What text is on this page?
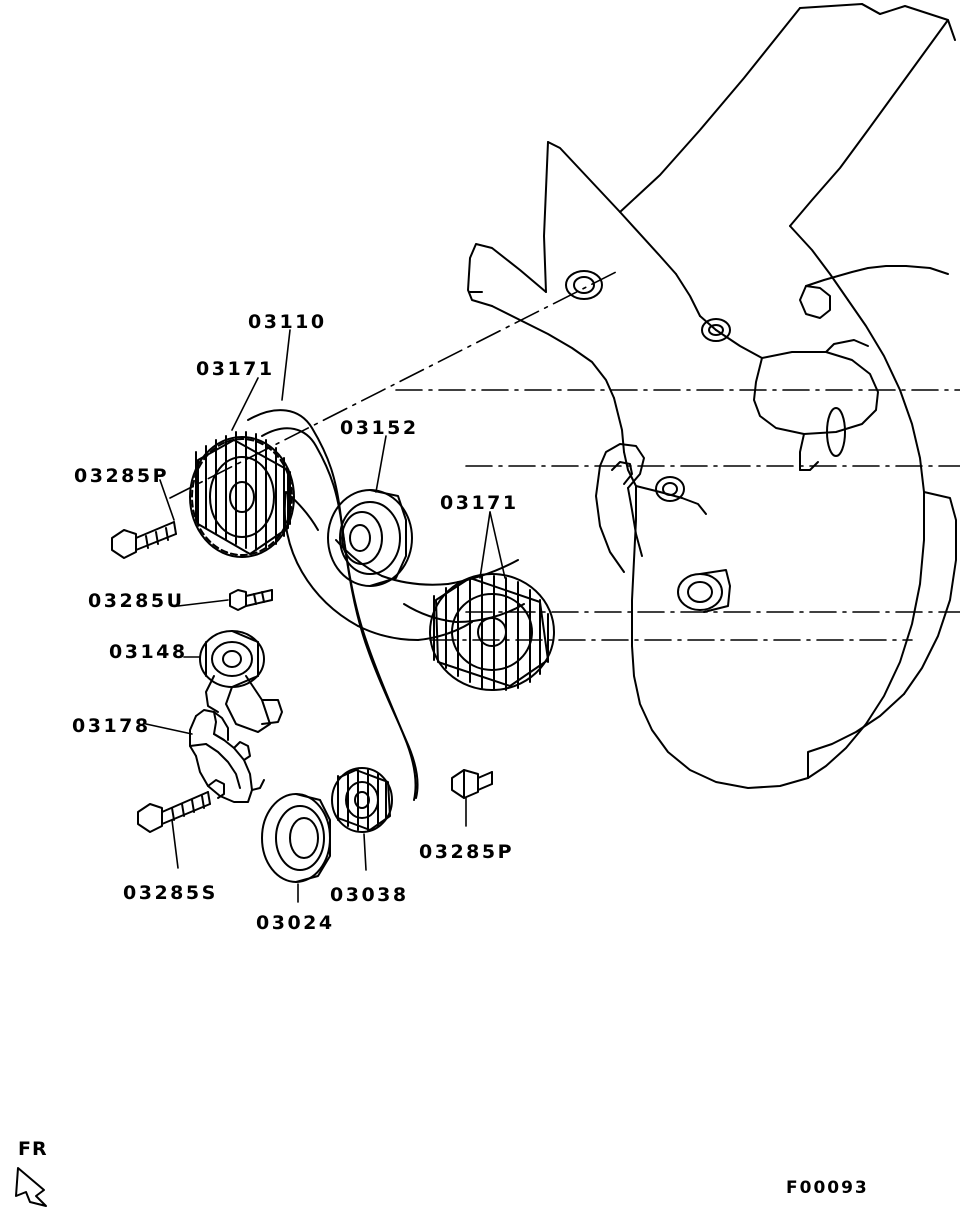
03110
03171
03152
03171
03285P
03285U
03148
03178
03285S
03024
03038
03285P
FR
F00093
